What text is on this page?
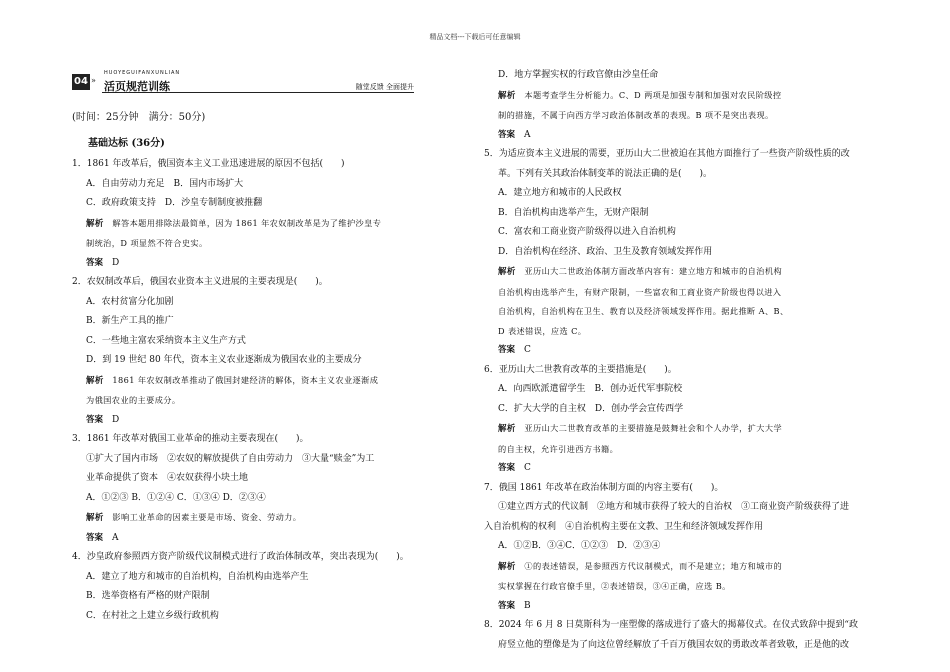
精品文档---下载后可任意编辑
04 »
HUOYEGUIFANXUNLIAN
活页规范训练	随堂反馈 全面提升

(时间：25分钟　满分：50分)

基础达标 (36分)

1．1861 年改革后，俄国资本主义工业迅速进展的原因不包括(　　)

A．自由劳动力充足　B．国内市场扩大

C．政府政策支持　D．沙皇专制制度被推翻

解析　解答本题用排除法最简单，因为 1861 年农奴制改革是为了维护沙皇专

制统治，D 项显然不符合史实。

答案　D

2．农奴制改革后，俄国农业资本主义进展的主要表现是(　　)。

A．农村贫富分化加剧

B．新生产工具的推广

C．一些地主富农采纳资本主义生产方式

D．到 19 世纪 80 年代，资本主义农业逐渐成为俄国农业的主要成分

解析　1861 年农奴制改革推动了俄国封建经济的解体，资本主义农业逐渐成

为俄国农业的主要成分。

答案　D

3．1861 年改革对俄国工业革命的推动主要表现在(　　)。

①扩大了国内市场　②农奴的解放提供了自由劳动力　③大量“赎金”为工

业革命提供了资本　④农奴获得小块土地

A．①②③ B．①②④ C．①③④ D．②③④

解析　影响工业革命的因素主要是市场、资金、劳动力。

答案　A

4．沙皇政府参照西方资产阶级代议制模式进行了政治体制改革，突出表现为(　　)。

A．建立了地方和城市的自治机构，自治机构由选举产生

B．选举资格有严格的财产限制

C．在村社之上建立乡级行政机构

D．地方掌握实权的行政官僚由沙皇任命

解析　本题考查学生分析能力。C、D 两项是加强专制和加强对农民阶级控

制的措施，不属于向西方学习政治体制改革的表现。B 项不是突出表现。

答案　A

5．为适应资本主义进展的需要，亚历山大二世被迫在其他方面推行了一些资产阶级性质的改

革。下列有关其政治体制变革的说法正确的是(　　)。

A．建立地方和城市的人民政权

B．自治机构由选举产生，无财产限制

C．富农和工商业资产阶级得以进入自治机构

D．自治机构在经济、政治、卫生及教育领域发挥作用

解析　亚历山大二世政治体制方面改革内容有：建立地方和城市的自治机构

自治机构由选举产生，有财产限制，一些富农和工商业资产阶级也得以进入

自治机构，自治机构在卫生、教育以及经济领域发挥作用。据此推断 A、B、

D 表述错误，应选 C。

答案　C

6．亚历山大二世教育改革的主要措施是(　　)。

A．向西欧派遣留学生　B．创办近代军事院校

C．扩大大学的自主权　D．创办学会宣传西学

解析　亚历山大二世教育改革的主要措施是鼓舞社会和个人办学，扩大大学

的自主权，允许引进西方书籍。

答案　C

7．俄国 1861 年改革在政治体制方面的内容主要有(　　)。

①建立西方式的代议制　②地方和城市获得了较大的自治权　③工商业资产阶级获得了进

入自治机构的权利　④自治机构主要在文教、卫生和经济领域发挥作用

A．①②B．③④C．①②③　D．②③④

解析　①的表述错误，是参照西方代议制模式，而不是建立；地方和城市的

实权掌握在行政官僚手里，②表述错误，③④正确，应选 B。

答案　B

8．2024 年 6 月 8 日莫斯科为一座塑像的落成进行了盛大的揭幕仪式。在仪式致辞中提到“政

府竖立他的塑像是为了向这位曾经解放了千百万俄国农奴的勇敢改革者致敬，正是他的改
